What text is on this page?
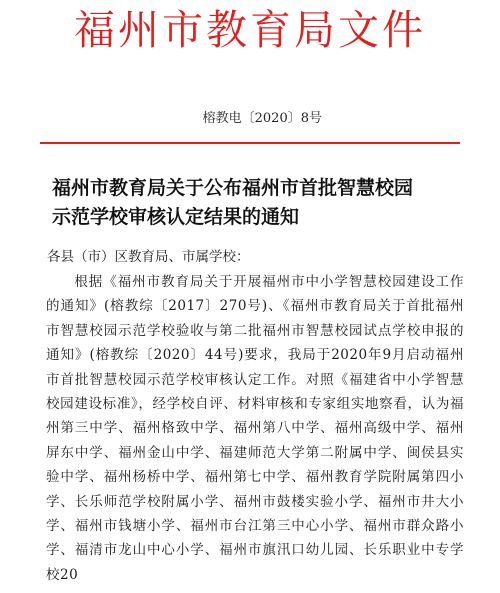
福州市教育局文件
榕教电〔2020〕8号
福州市教育局关于公布福州市首批智慧校园
示范学校审核认定结果的通知
各县（市）区教育局、市属学校：

根据《福州市教育局关于开展福州市中小学智慧校园建设工作的通知》(榕教综〔2017〕270号)、《福州市教育局关于首批福州市智慧校园示范学校验收与第二批福州市智慧校园试点学校申报的通知》(榕教综〔2020〕44号)要求，我局于2020年9月启动福州市首批智慧校园示范学校审核认定工作。对照《福建省中小学智慧校园建设标准》，经学校自评、材料审核和专家组实地察看，认为福州第三中学、福州格致中学、福州第八中学、福州高级中学、福州屏东中学、福州金山中学、福建师范大学第二附属中学、闽侯县实验中学、福州杨桥中学、福州第七中学、福州教育学院附属第四小学、长乐师范学校附属小学、福州市鼓楼实验小学、福州市井大小学、福州市钱塘小学、福州市台江第三中心小学、福州市群众路小学、福清市龙山中心小学、福州市旗汛口幼儿园、长乐职业中专学校20
